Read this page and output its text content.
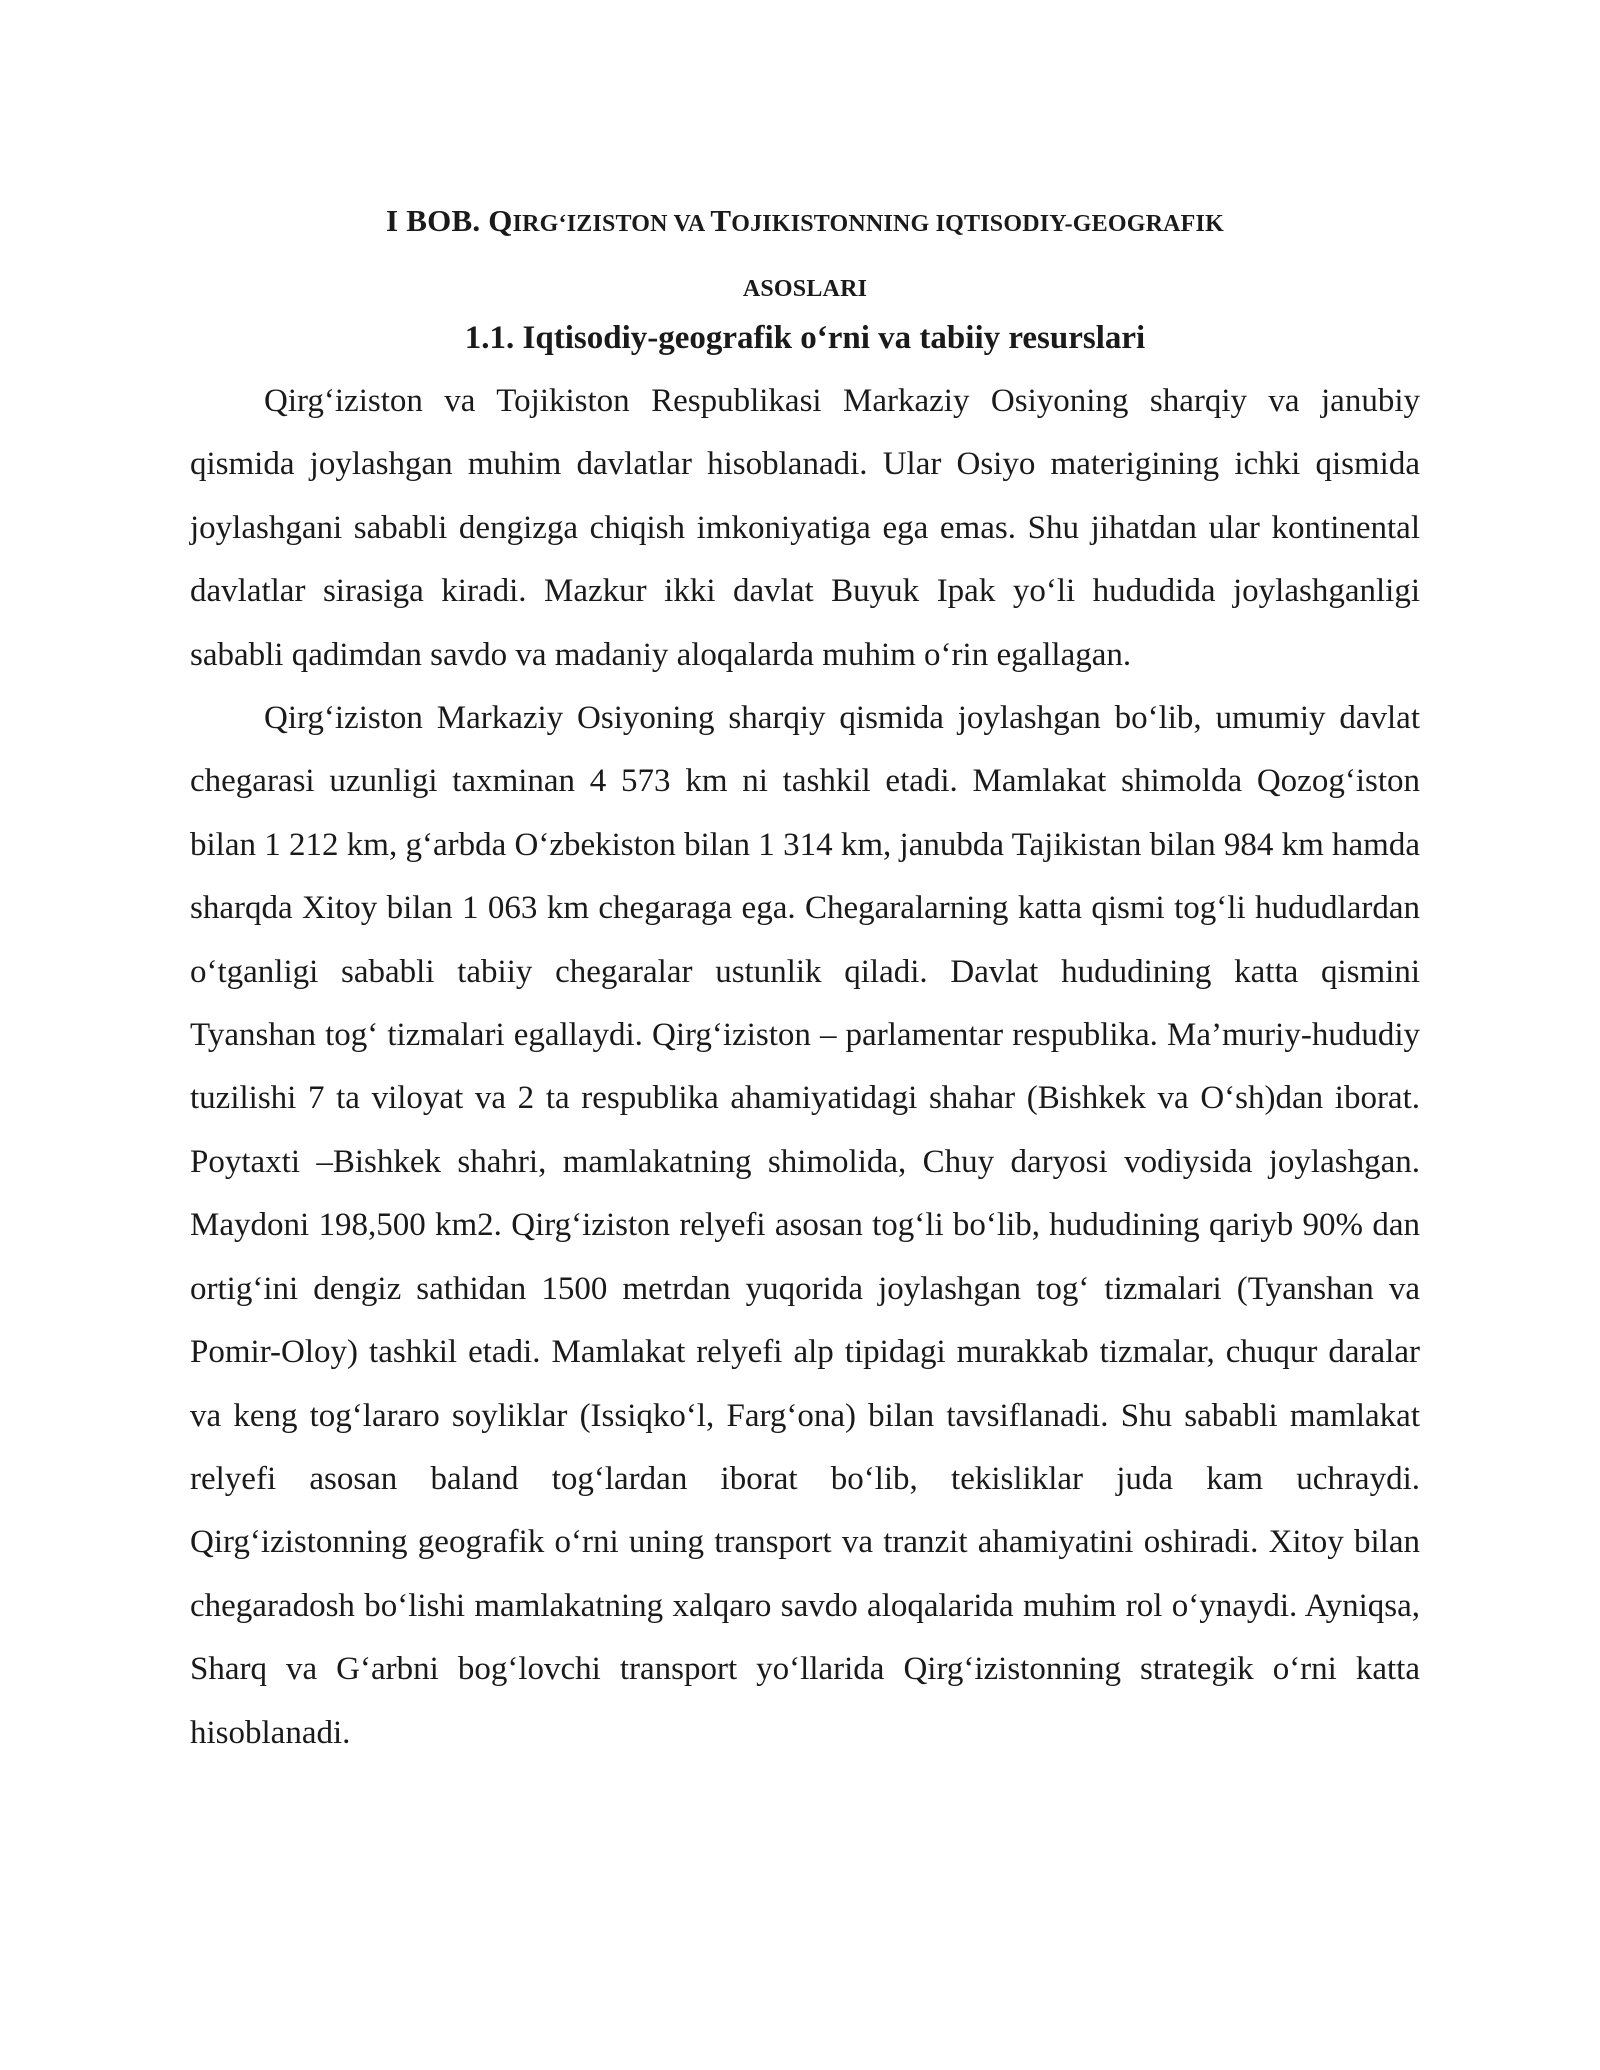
I BOB. QIRG‘IZISTON VA TOJIKISTONNING IQTISODIY-GEOGRAFIK
ASOSLARI
1.1. Iqtisodiy-geografik o‘rni va tabiiy resurslari

Qirg‘iziston va Tojikiston Respublikasi Markaziy Osiyoning sharqiy va janubiy qismida joylashgan muhim davlatlar hisoblanadi. Ular Osiyo materigining ichki qismida joylashgani sababli dengizga chiqish imkoniyatiga ega emas. Shu jihatdan ular kontinental davlatlar sirasiga kiradi. Mazkur ikki davlat Buyuk Ipak yo‘li hududida joylashganligi sababli qadimdan savdo va madaniy aloqalarda muhim o‘rin egallagan.

Qirg‘iziston Markaziy Osiyoning sharqiy qismida joylashgan bo‘lib, umumiy davlat chegarasi uzunligi taxminan 4 573 km ni tashkil etadi. Mamlakat shimolda Qozog‘iston bilan 1 212 km, g‘arbda O‘zbekiston bilan 1 314 km, janubda Tajikistan bilan 984 km hamda sharqda Xitoy bilan 1 063 km chegaraga ega. Chegaralarning katta qismi tog‘li hududlardan o‘tganligi sababli tabiiy chegaralar ustunlik qiladi. Davlat hududining katta qismini Tyanshan tog‘ tizmalari egallaydi. Qirg‘iziston – parlamentar respublika. Ma’muriy-hududiy tuzilishi 7 ta viloyat va 2 ta respublika ahamiyatidagi shahar (Bishkek va O‘sh)dan iborat. Poytaxti –Bishkek shahri, mamlakatning shimolida, Chuy daryosi vodiysida joylashgan. Maydoni 198,500 km2. Qirg‘iziston relyefi asosan tog‘li bo‘lib, hududining qariyb 90% dan ortig‘ini dengiz sathidan 1500 metrdan yuqorida joylashgan tog‘ tizmalari (Tyanshan va Pomir-Oloy) tashkil etadi. Mamlakat relyefi alp tipidagi murakkab tizmalar, chuqur daralar va keng tog‘lararo soyliklar (Issiqko‘l, Farg‘ona) bilan tavsiflanadi. Shu sababli mamlakat relyefi asosan baland tog‘lardan iborat bo‘lib, tekisliklar juda kam uchraydi. Qirg‘izistonning geografik o‘rni uning transport va tranzit ahamiyatini oshiradi. Xitoy bilan chegaradosh bo‘lishi mamlakatning xalqaro savdo aloqalarida muhim rol o‘ynaydi. Ayniqsa, Sharq va G‘arbni bog‘lovchi transport yo‘llarida Qirg‘izistonning strategik o‘rni katta hisoblanadi.
